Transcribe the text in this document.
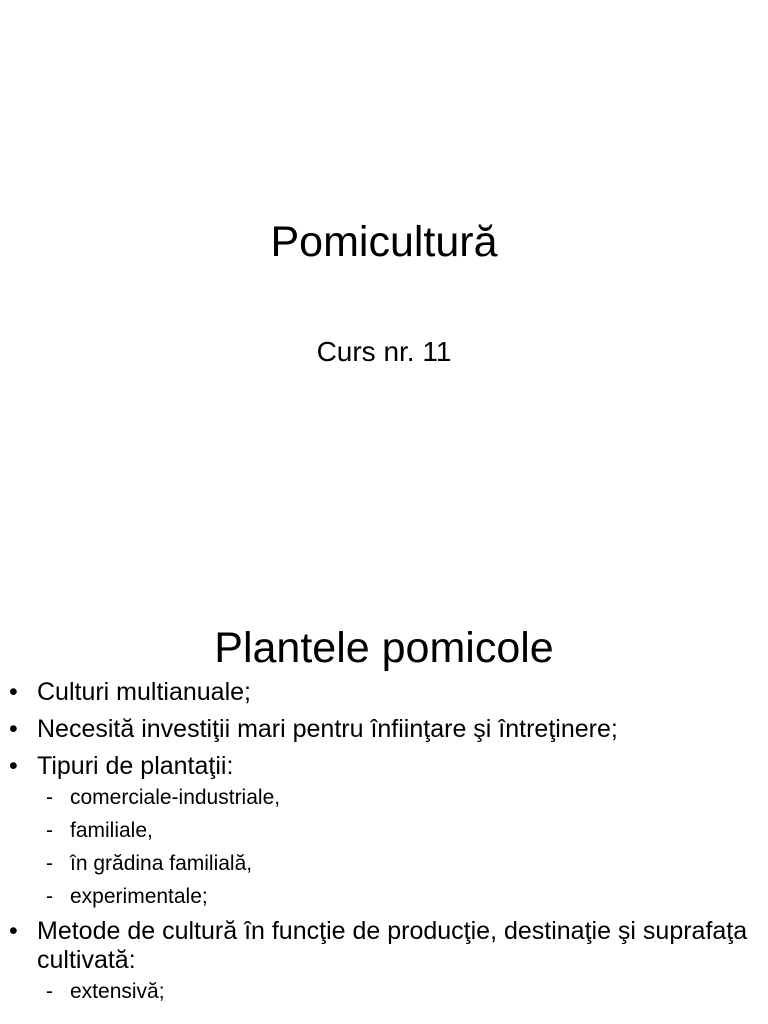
Pomicultură
Curs nr. 11
Plantele pomicole
• Culturi multianuale;
• Necesită investiţii mari pentru înfiinţare şi întreţinere;
• Tipuri de plantaţii:
- comerciale-industriale,
- familiale,
- în grădina familială,
- experimentale;
• Metode de cultură în funcţie de producţie, destinaţie şi suprafaţa cultivată:
- extensivă;
